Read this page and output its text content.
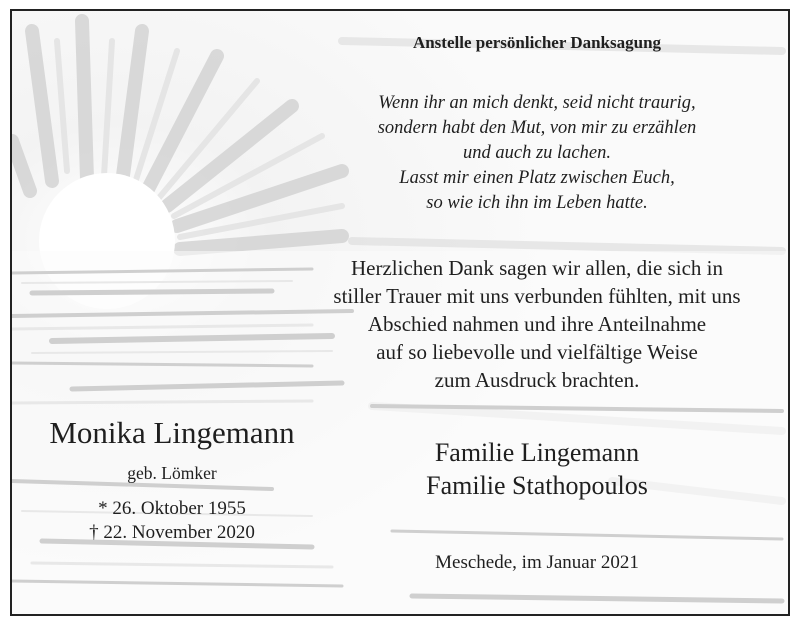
Anstelle persönlicher Danksagung
Wenn ihr an mich denkt, seid nicht traurig,
sondern habt den Mut, von mir zu erzählen
und auch zu lachen.
Lasst mir einen Platz zwischen Euch,
so wie ich ihn im Leben hatte.
Herzlichen Dank sagen wir allen, die sich in
stiller Trauer mit uns verbunden fühlten, mit uns
Abschied nahmen und ihre Anteilnahme
auf so liebevolle und vielfältige Weise
zum Ausdruck brachten.
Monika Lingemann
geb. Lömker
* 26. Oktober 1955
† 22. November 2020
Familie Lingemann
Familie Stathopoulos
Meschede, im Januar 2021
